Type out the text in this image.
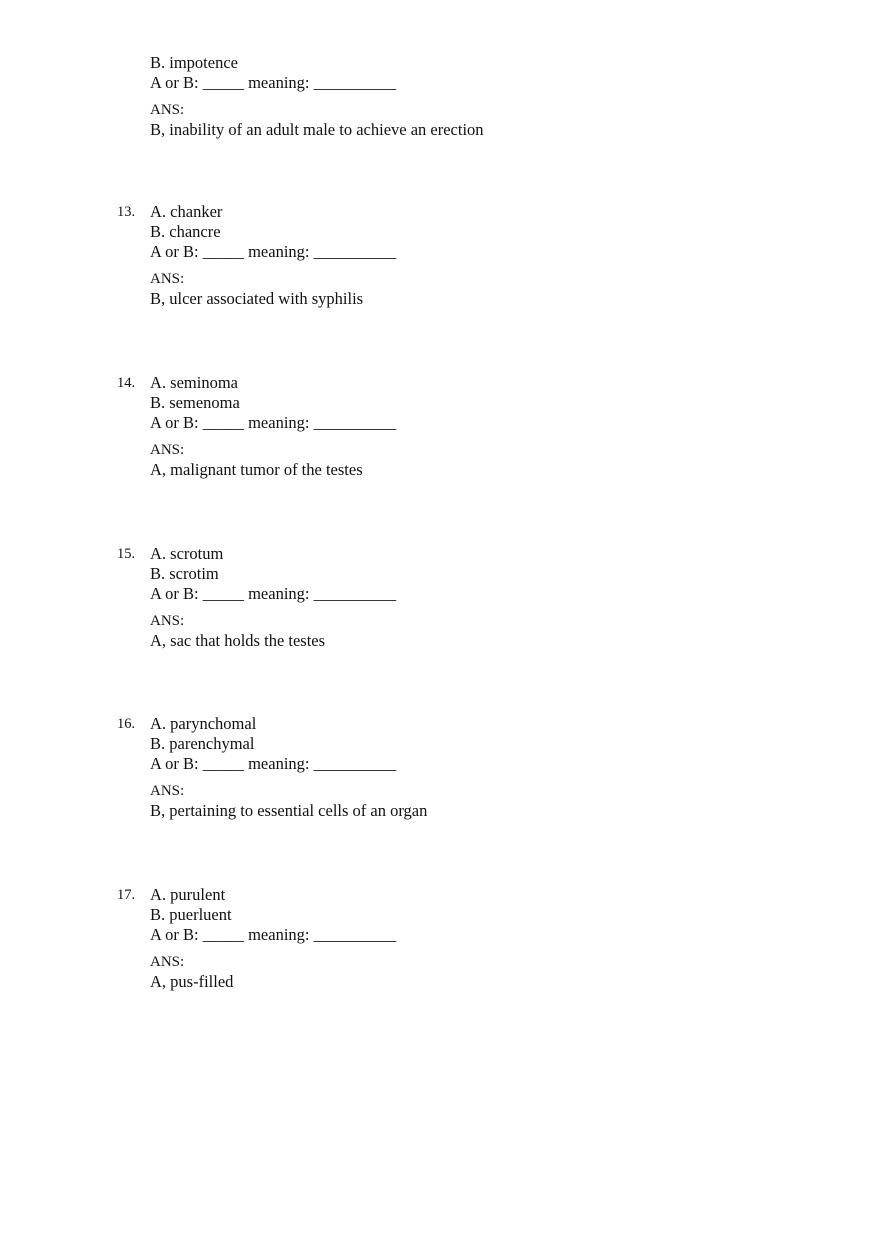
B. impotence
A or B: _____ meaning: __________
ANS:
B, inability of an adult male to achieve an erection
13. A. chanker
B. chancre
A or B: _____ meaning: __________
ANS:
B, ulcer associated with syphilis
14. A. seminoma
B. semenoma
A or B: _____ meaning: __________
ANS:
A, malignant tumor of the testes
15. A. scrotum
B. scrotim
A or B: _____ meaning: __________
ANS:
A, sac that holds the testes
16. A. parynchomal
B. parenchymal
A or B: _____ meaning: __________
ANS:
B, pertaining to essential cells of an organ
17. A. purulent
B. puerluent
A or B: _____ meaning: __________
ANS:
A, pus-filled
